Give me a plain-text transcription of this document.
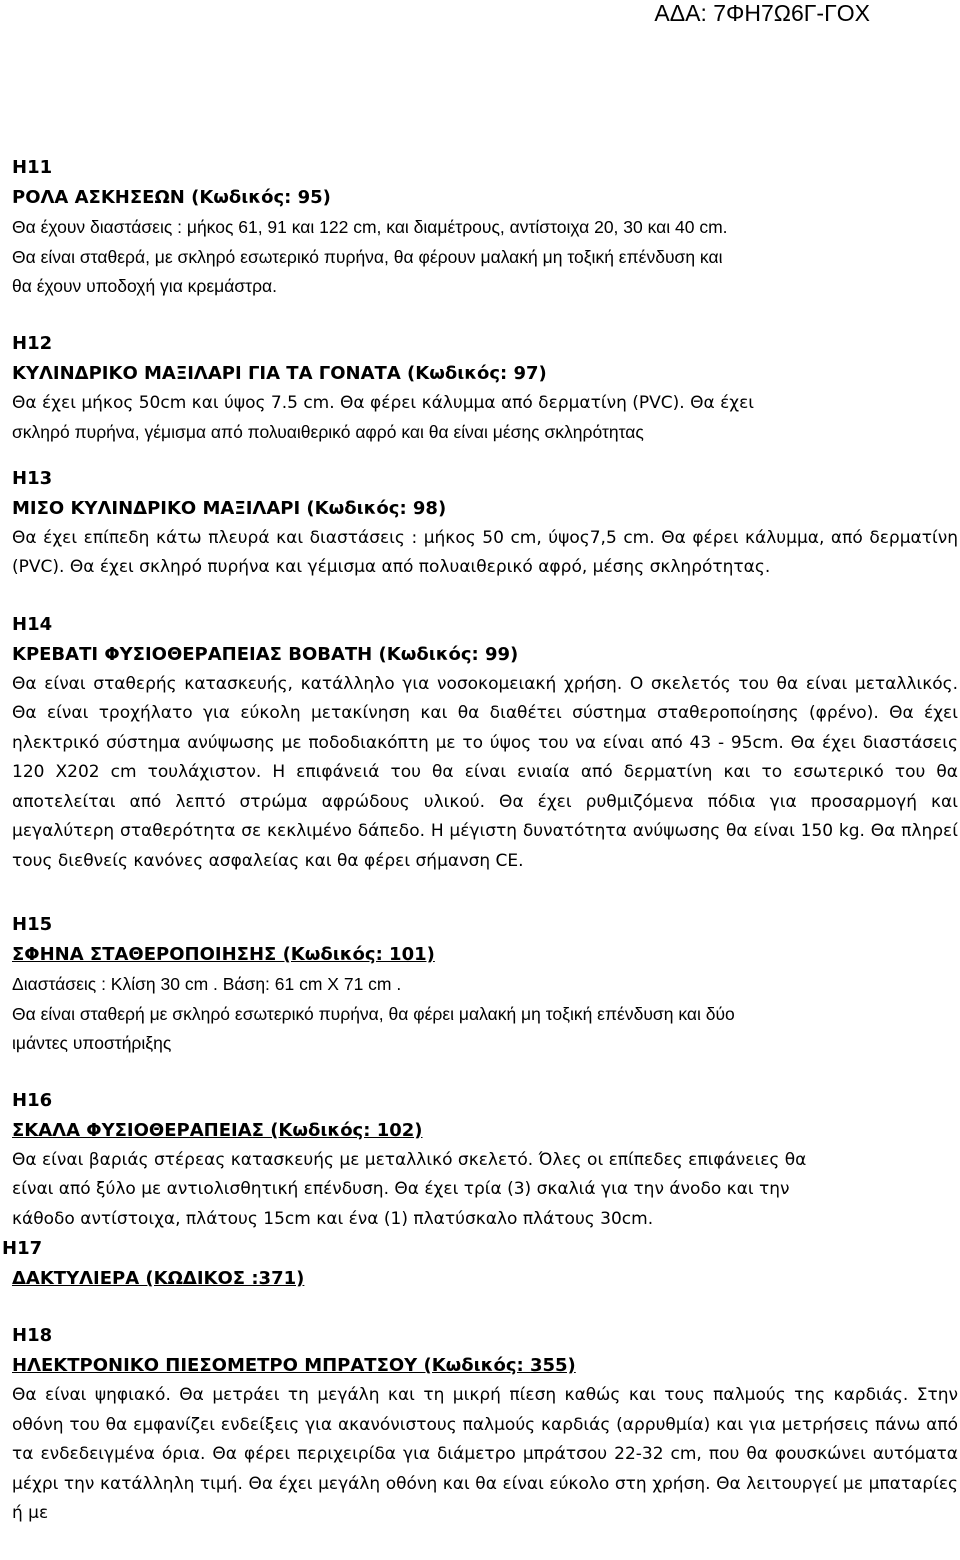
ΑΔΑ: 7ΦΗ7Ω6Γ-ΓΟΧ
Η11
ΡΟΛΑ ΑΣΚΗΣΕΩΝ (Κωδικός: 95)
Θα έχουν διαστάσεις : μήκος 61, 91 και 122 cm, και διαμέτρους, αντίστοιχα 20, 30 και 40 cm.
Θα είναι σταθερά, με σκληρό εσωτερικό πυρήνα, θα φέρουν μαλακή μη τοξική επένδυση και
θα έχουν υποδοχή για κρεμάστρα.
Η12
ΚΥΛΙΝΔΡΙΚΟ ΜΑΞΙΛΑΡΙ ΓΙΑ ΤΑ ΓΟΝΑΤΑ (Κωδικός: 97)
Θα έχει μήκος 50cm και ύψος 7.5 cm. Θα φέρει κάλυμμα από δερματίνη (PVC). Θα έχει
σκληρό πυρήνα, γέμισμα από πολυαιθερικό αφρό και θα είναι μέσης σκληρότητας
Η13
ΜΙΣΟ ΚΥΛΙΝΔΡΙΚΟ ΜΑΞΙΛΑΡΙ (Κωδικός: 98)
Θα έχει επίπεδη κάτω πλευρά και διαστάσεις : μήκος 50 cm, ύψος7,5 cm. Θα φέρει κάλυμμα, από δερματίνη (PVC). Θα έχει σκληρό πυρήνα και γέμισμα από πολυαιθερικό αφρό, μέσης σκληρότητας.
Η14
ΚΡΕΒΑΤΙ ΦΥΣΙΟΘΕΡΑΠΕΙΑΣ ΒΟΒΑΤΗ (Κωδικός: 99)
Θα είναι σταθερής κατασκευής, κατάλληλο για νοσοκομειακή χρήση. Ο σκελετός του θα είναι μεταλλικός. Θα είναι τροχήλατο για εύκολη μετακίνηση και θα διαθέτει σύστημα σταθεροποίησης (φρένο). Θα έχει ηλεκτρικό σύστημα ανύψωσης με ποδοδιακόπτη με το ύψος του να είναι από 43 - 95cm. Θα έχει διαστάσεις 120 Χ202 cm τουλάχιστον. Η επιφάνειά του θα είναι ενιαία από δερματίνη και το εσωτερικό του θα αποτελείται από λεπτό στρώμα αφρώδους υλικού. Θα έχει ρυθμιζόμενα πόδια για προσαρμογή και μεγαλύτερη σταθερότητα σε κεκλιμένο δάπεδο. Η μέγιστη δυνατότητα ανύψωσης θα είναι 150 kg. Θα πληρεί τους διεθνείς κανόνες ασφαλείας και θα φέρει σήμανση CE.
Η15
ΣΦΗΝΑ ΣΤΑΘΕΡΟΠΟΙΗΣΗΣ (Κωδικός: 101)
Διαστάσεις : Κλίση 30 cm . Βάση: 61 cm Χ 71 cm .
Θα είναι σταθερή με σκληρό εσωτερικό πυρήνα, θα φέρει μαλακή μη τοξική επένδυση και δύο
ιμάντες υποστήριξης
Η16
ΣΚΑΛΑ ΦΥΣΙΟΘΕΡΑΠΕΙΑΣ (Κωδικός: 102)
Θα είναι βαριάς στέρεας κατασκευής με μεταλλικό σκελετό. Όλες οι επίπεδες επιφάνειες θα
είναι από ξύλο με αντιολισθητική επένδυση. Θα έχει τρία (3) σκαλιά για την άνοδο και την
κάθοδο αντίστοιχα, πλάτους 15cm και ένα (1) πλατύσκαλο πλάτους 30cm.
Η17
ΔΑΚΤΥΛΙΕΡΑ (ΚΩΔΙΚΟΣ :371)
Η18
ΗΛΕΚΤΡΟΝΙΚΟ ΠΙΕΣΟΜΕΤΡΟ ΜΠΡΑΤΣΟΥ (Κωδικός: 355)
Θα είναι ψηφιακό. Θα μετράει τη μεγάλη και τη μικρή πίεση καθώς και τους παλμούς της καρδιάς. Στην οθόνη του θα εμφανίζει ενδείξεις για ακανόνιστους παλμούς καρδιάς (αρρυθμία) και για μετρήσεις πάνω από τα ενδεδειγμένα όρια. Θα φέρει περιχειρίδα για διάμετρο μπράτσου 22-32 cm, που θα φουσκώνει αυτόματα μέχρι την κατάλληλη τιμή. Θα έχει μεγάλη οθόνη και θα είναι εύκολο στη χρήση. Θα λειτουργεί με μπαταρίες ή με
